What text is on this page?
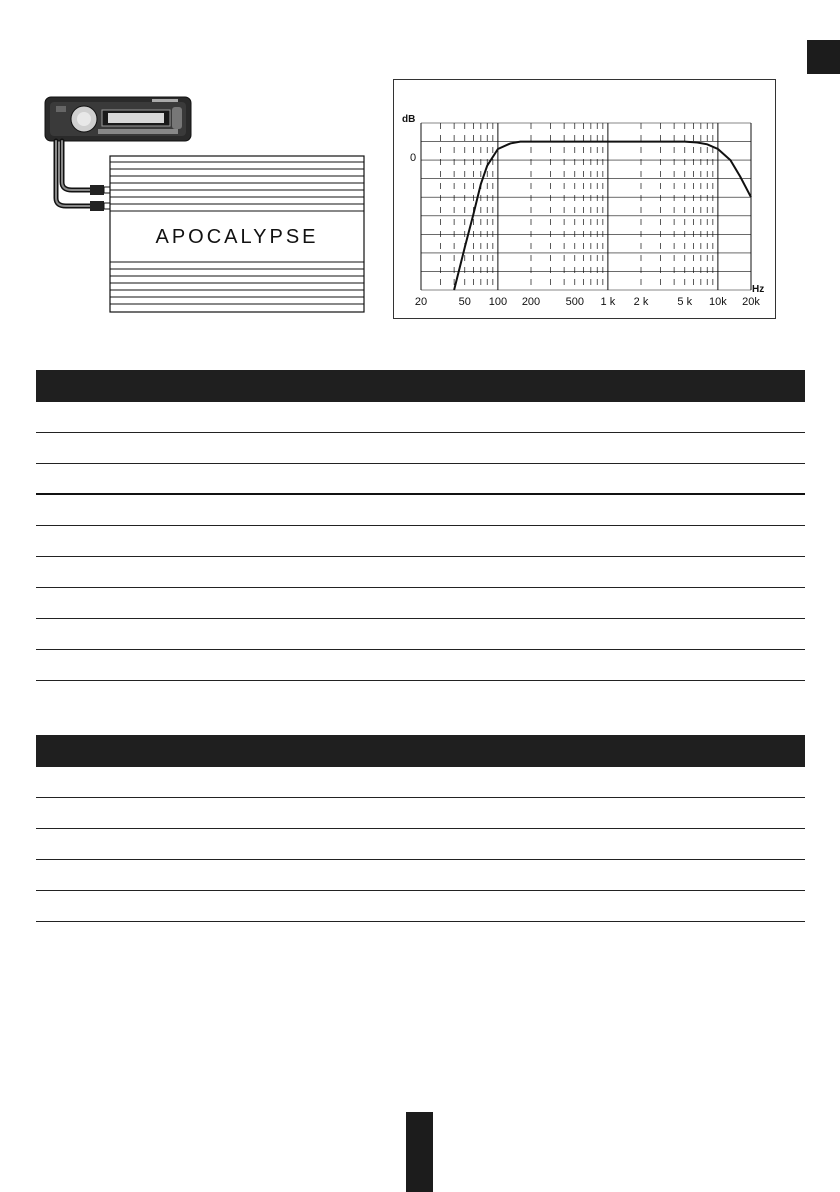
APOCALYPSE
dB
Hz
0
20	50 100 200 500 1 k 2 k	5 k 10k 20k
